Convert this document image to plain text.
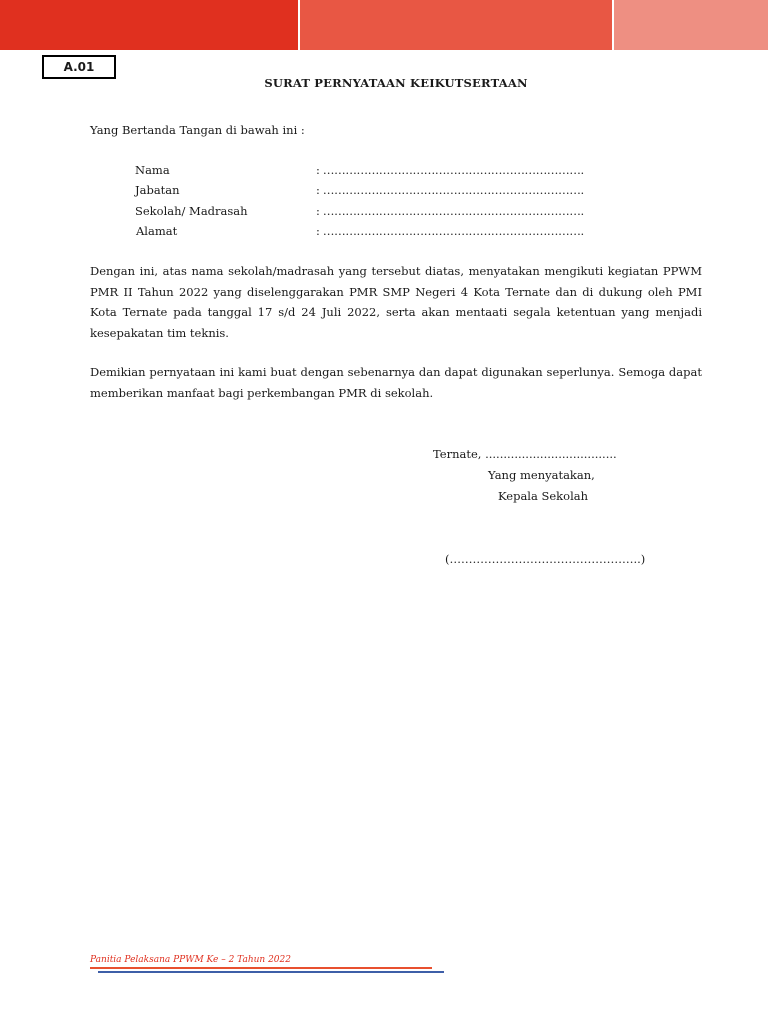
A.01
SURAT PERNYATAAN KEIKUTSERTAAN
Yang Bertanda Tangan di bawah ini :
Nama	: …………………………………………………………….
Jabatan	: …………………………………………………………….
Sekolah/ Madrasah	: …………………………………………………………….
Alamat	: …………………………………………………………….

Dengan ini, atas nama sekolah/madrasah yang tersebut diatas, menyatakan mengikuti kegiatan PPWM PMR II Tahun 2022 yang diselenggarakan PMR SMP Negeri 4 Kota Ternate dan di dukung oleh PMI Kota Ternate pada tanggal 17 s/d 24 Juli 2022, serta akan mentaati segala ketentuan yang menjadi kesepakatan tim teknis.

Demikian pernyataan ini kami buat dengan sebenarnya dan dapat digunakan seperlunya. Semoga dapat memberikan manfaat bagi perkembangan PMR di sekolah.

Ternate, ....................................
Yang menyatakan,
Kepala Sekolah
(…………………………………………..)
Panitia Pelaksana PPWM Ke – 2 Tahun 2022
